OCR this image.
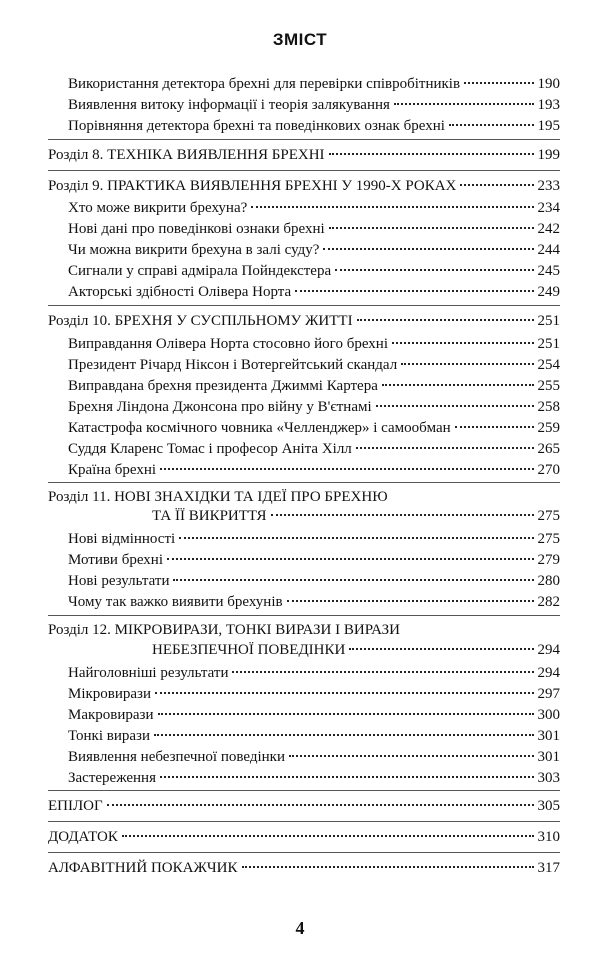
ЗМІСТ
Використання детектора брехні для перевірки співробітників	190
Виявлення витоку інформації і теорія залякування	193
Порівняння детектора брехні та поведінкових ознак брехні	195
Розділ 8. ТЕХНІКА ВИЯВЛЕННЯ БРЕХНІ	199
Розділ 9. ПРАКТИКА ВИЯВЛЕННЯ БРЕХНІ У 1990-Х РОКАХ	233
Хто може викрити брехуна?	234
Нові дані про поведінкові ознаки брехні	242
Чи можна викрити брехуна в залі суду?	244
Сигнали у справі адмірала Пойндекстера	245
Акторські здібності Олівера Норта	249
Розділ 10. БРЕХНЯ У СУСПІЛЬНОМУ ЖИТТІ	251
Виправдання Олівера Норта стосовно його брехні	251
Президент Річард Ніксон і Вотергейтський скандал	254
Виправдана брехня президента Джиммі Картера	255
Брехня Ліндона Джонсона про війну у В'єтнамі	258
Катастрофа космічного човника «Челленджер» і самообман	259
Суддя Кларенс Томас і професор Аніта Хілл	265
Країна брехні	270
Розділ 11. НОВІ ЗНАХІДКИ ТА ІДЕЇ ПРО БРЕХНЮ
ТА ЇЇ ВИКРИТТЯ	275
Нові відмінності	275
Мотиви брехні	279
Нові результати	280
Чому так важко виявити брехунів	282
Розділ 12. МІКРОВИРАЗИ, ТОНКІ ВИРАЗИ І ВИРАЗИ
НЕБЕЗПЕЧНОЇ ПОВЕДІНКИ	294
Найголовніші результати	294
Мікровирази	297
Макровирази	300
Тонкі вирази	301
Виявлення небезпечної поведінки	301
Застереження	303
ЕПІЛОГ	305
ДОДАТОК	310
АЛФАВІТНИЙ ПОКАЖЧИК	317
4
